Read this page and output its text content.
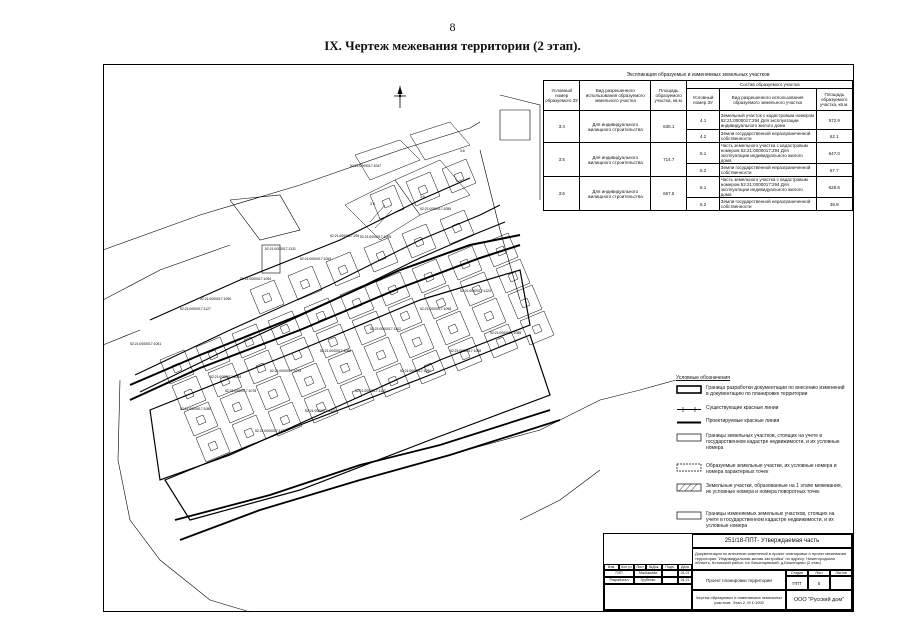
8
IX. Чертеж межевания территории (2 этап).
52:21:0000017:294
52:21:0000017:1034
52:21:0000017:1122
52:21:0000017:1120
52:21:0000017:1117
52:21:0000017:1090
52:21:0000017:1088
52:21:0000017:1085
52:21:0000017:1080
52:21:0000017:1078
52:21:0000017:1075
52:21:0000017:1066
52:21:0000017:1102
52:21:0000017:1098
52:21:0000017:1124
52:21:0000017:1131
52:21:0000017:1127
52:21:0000017:1094
52:21:0000017:1053
52:21:0000017:1055
52:21:0000017:1059
52:21:0000017:1061
52:21:0000017:1050
52:21:0000017:1047
3:4
3:5
3:6
Экспликация образуемых и изменяемых земельных участков
Условный номер образуемого ЗУ	Вид разрешенного использования образуемого земельного участка	Площадь образуемого участка, кв.м.	Состав образуемого участка		
			Условный номер ЗУ	Вид разрешенного использования образуемого земельного участка	Площадь образуемого участка, кв.м.
3:4	Для индивидуального жилищного строительства	635.1	4.1	Земельный участок с кадастровым номером 52:21:0000017:294 Для эксплуатации индивидуального жилого дома	572.9
			4.2	Земли государственной неразграниченной собственности	62.1
3:5	Для индивидуального жилищного строительства	714.7	5.1	Часть земельного участка с кадастровым номером 52:21:0000017:294 Для эксплуатации индивидуального жилого дома	647.0
			5.2	Земли государственной неразграниченной собственности	67.7
3:6	Для индивидуального жилищного строительства	667.5	6.1	Часть земельного участка с кадастровым номером 52:21:0000017:294 Для эксплуатации индивидуального жилого дома	628.6
			6.2	Земли государственной неразграниченной собственности	38.9
Условные обозначения
Граница разработки документации по внесению изменений в документацию по планировке территории
Существующие красные линии
Проектируемые красные линии
Границы земельных участков, стоящих на учете в государственном кадастре недвижимости, и их условные номера
Образуемые земельные участки, их условные номера и номера характерных точек
Земельные участки, образованные на 1 этапе межевания, их условные номера и номера поворотных точек
Границы изменяемых земельных участков, стоящих на учете в государственном кадастре недвижимости, и их условные номера
251/18-ППТ- Утверждаемая часть
Документация по внесению изменений в проект планировки и проект межевания территории "Индивидуальная жилая застройка" по адресу: Нижегородская область, Кстовский район, с/с Бешенцевский, д.Бешенцево (2 этап)
Изм.	Кол.уч	Лист	№Док.	Подп.	Дата
ГИП	Малышева	04.21
Разработал	Грубенко	04.21	Проект планировки территории
Стадия	Лист	Листов
ППТ	5
Чертеж образуемых и изменяемых земельных участков. Этап 2, М 1:1000	ООО "Русский дом"
